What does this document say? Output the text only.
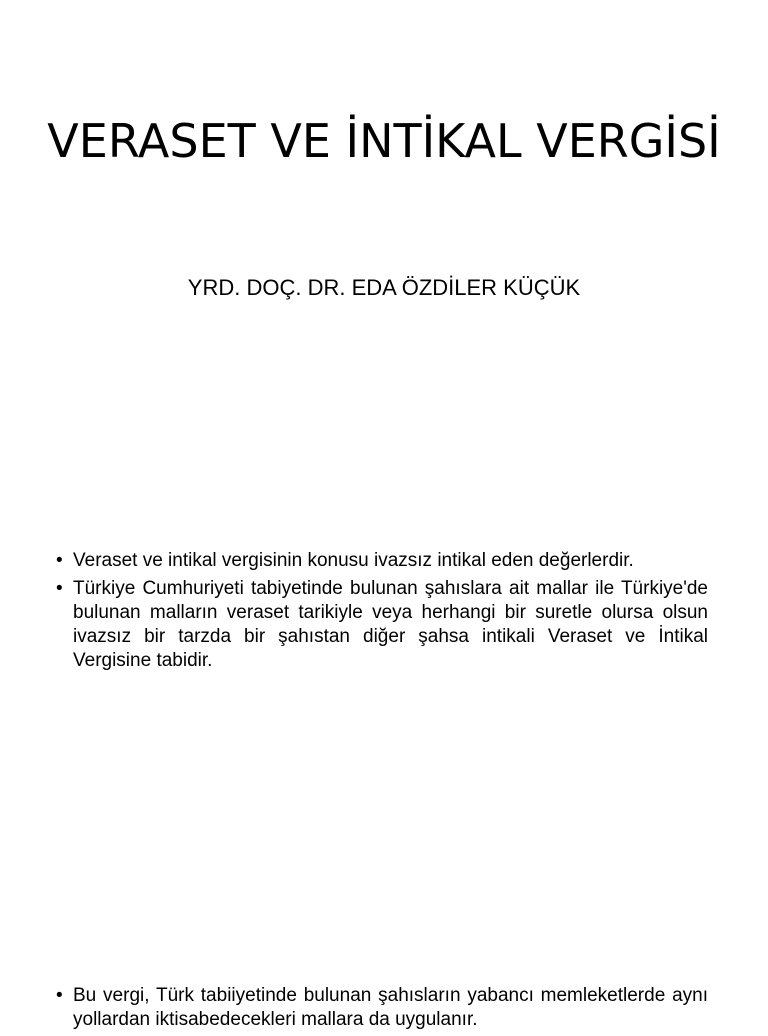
VERASET VE İNTİKAL VERGİSİ

YRD. DOÇ. DR. EDA ÖZDİLER KÜÇÜK

• Veraset ve intikal vergisinin konusu ivazsız intikal eden değerlerdir.
• Türkiye Cumhuriyeti tabiyetinde bulunan şahıslara ait mallar ile Türkiye'de bulunan malların veraset tarikiyle veya herhangi bir suretle olursa olsun ivazsız bir tarzda bir şahıstan diğer şahsa intikali Veraset ve İntikal Vergisine tabidir.
• Bu vergi, Türk tabiiyetinde bulunan şahısların yabancı memleketlerde aynı yollardan iktisabedecekleri mallara da uygulanır.
